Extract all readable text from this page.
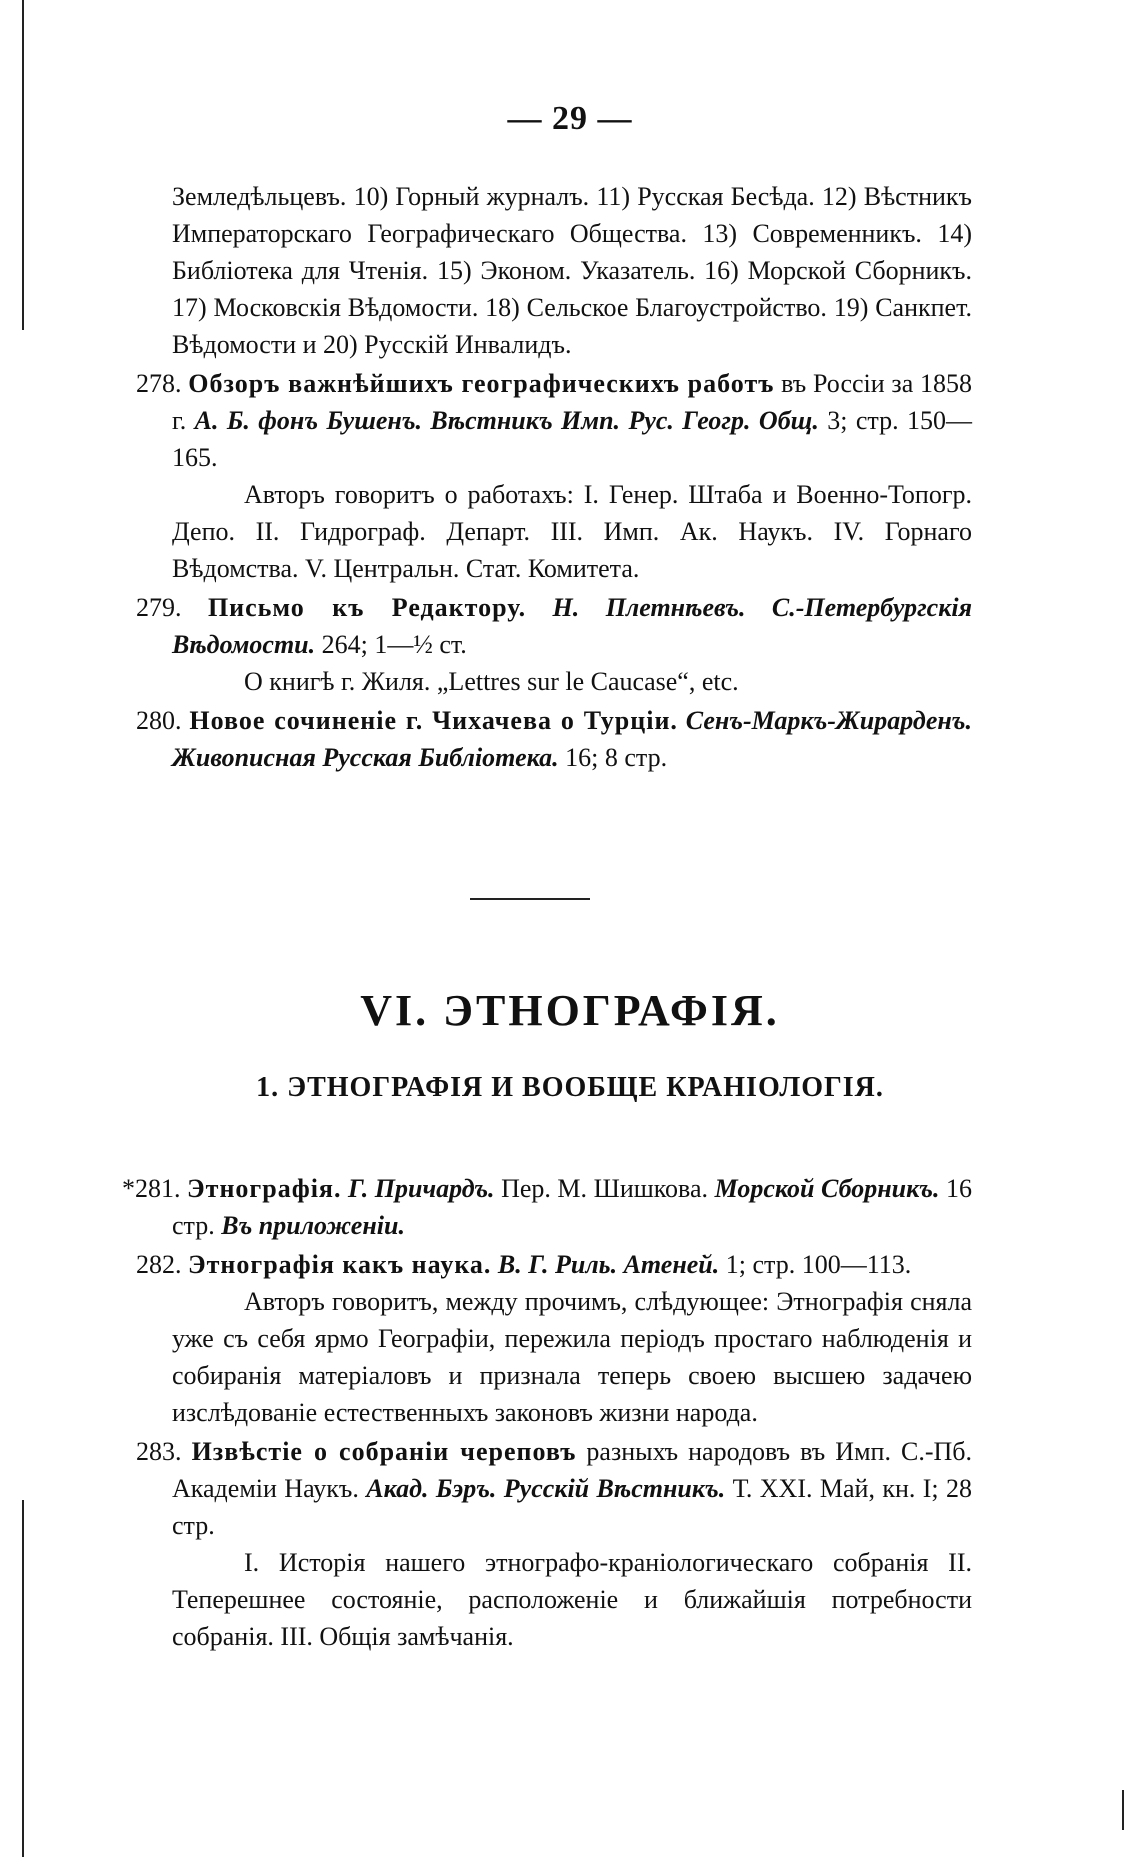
— 29 —

Земледѣльцевъ. 10) Горный журналъ. 11) Русская Бесѣда. 12) Вѣстникъ Императорскаго Географическаго Общества. 13) Современникъ. 14) Библіотека для Чтенія. 15) Эконом. Указатель. 16) Морской Сборникъ. 17) Московскія Вѣдомости. 18) Сельское Благоустройство. 19) Санкпет. Вѣдомости и 20) Русскій Инвалидъ.

278. Обзоръ важнѣйшихъ географическихъ работъ въ Россіи за 1858 г. А. Б. фонъ Бушенъ. Вѣстникъ Имп. Рус. Геогр. Общ. 3; стр. 150—165.

Авторъ говоритъ о работахъ: I. Генер. Штаба и Военно-Топогр. Депо. II. Гидрограф. Департ. III. Имп. Ак. Наукъ. IV. Горнаго Вѣдомства. V. Центральн. Стат. Комитета.

279. Письмо къ Редактору. Н. Плетнѣевъ. С.-Петербургскія Вѣдомости. 264; 1—½ ст.

О книгѣ г. Жиля. „Lettres sur le Caucase“, etc.

280. Новое сочиненіе г. Чихачева о Турціи. Сенъ-Маркъ-Жирарденъ. Живописная Русская Библіотека. 16; 8 стр.

VI. ЭТНОГРАФІЯ.
1. ЭТНОГРАФІЯ И ВООБЩЕ КРАНІОЛОГІЯ.

*281. Этнографія. Г. Причардъ. Пер. М. Шишкова. Морской Сборникъ. 16 стр. Въ приложеніи.

282. Этнографія какъ наука. В. Г. Риль. Атеней. 1; стр. 100—113.

Авторъ говоритъ, между прочимъ, слѣдующее: Этнографія сняла уже съ себя ярмо Географіи, пережила періодъ простаго наблюденія и собиранія матеріаловъ и признала теперь своею высшею задачею изслѣдованіе естественныхъ законовъ жизни народа.

283. Извѣстіе о собраніи череповъ разныхъ народовъ въ Имп. С.-Пб. Академіи Наукъ. Акад. Бэръ. Русскій Вѣстникъ. Т. XXI. Май, кн. I; 28 стр.

I. Исторія нашего этнографо-краніологическаго собранія II. Теперешнее состояніе, расположеніе и ближайшія потребности собранія. III. Общія замѣчанія.
